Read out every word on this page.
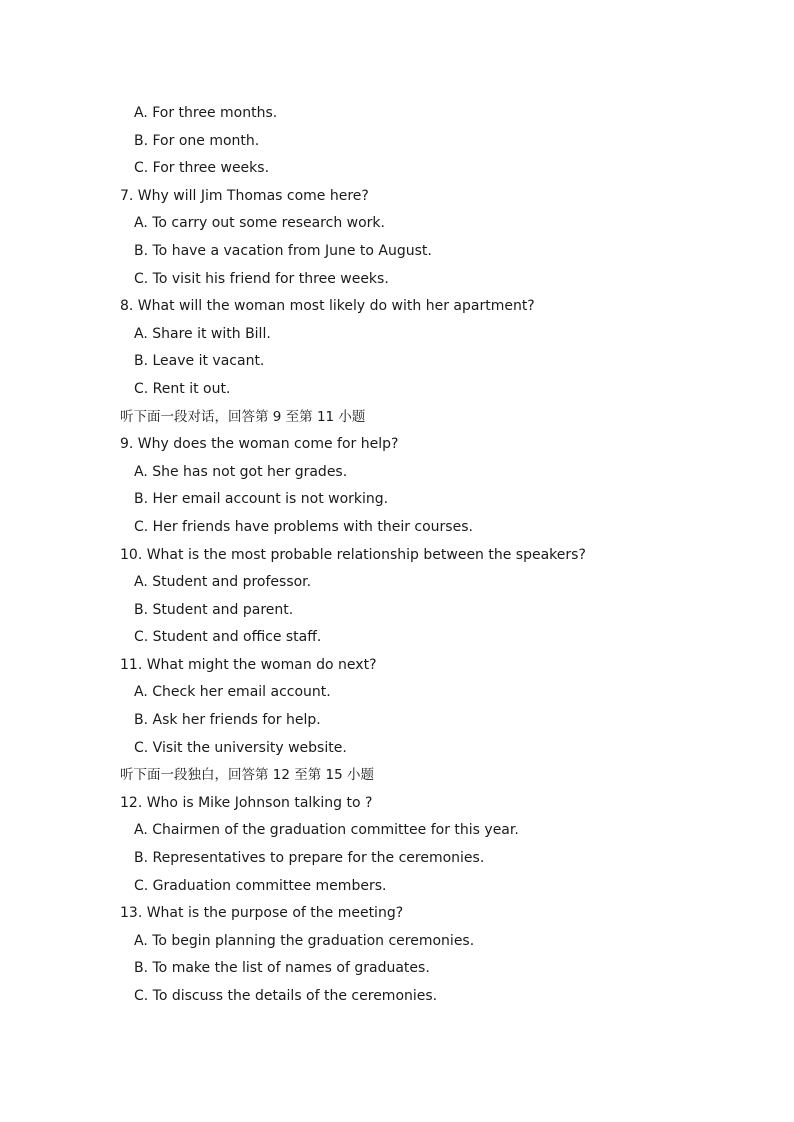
A. For three months.
B. For one month.
C. For three weeks.
7. Why will Jim Thomas come here?
A. To carry out some research work.
B. To have a vacation from June to August.
C. To visit his friend for three weeks.
8. What will the woman most likely do with her apartment?
A. Share it with Bill.
B. Leave it vacant.
C. Rent it out.
听下面一段对话，回答第 9 至第 11 小题
9. Why does the woman come for help?
A. She has not got her grades.
B. Her email account is not working.
C. Her friends have problems with their courses.
10. What is the most probable relationship between the speakers?
A. Student and professor.
B. Student and parent.
C. Student and office staff.
11. What might the woman do next?
A. Check her email account.
B. Ask her friends for help.
C. Visit the university website.
听下面一段独白，回答第 12 至第 15 小题
12. Who is Mike Johnson talking to ?
A. Chairmen of the graduation committee for this year.
B. Representatives to prepare for the ceremonies.
C. Graduation committee members.
13. What is the purpose of the meeting?
A. To begin planning the graduation ceremonies.
B. To make the list of names of graduates.
C. To discuss the details of the ceremonies.
